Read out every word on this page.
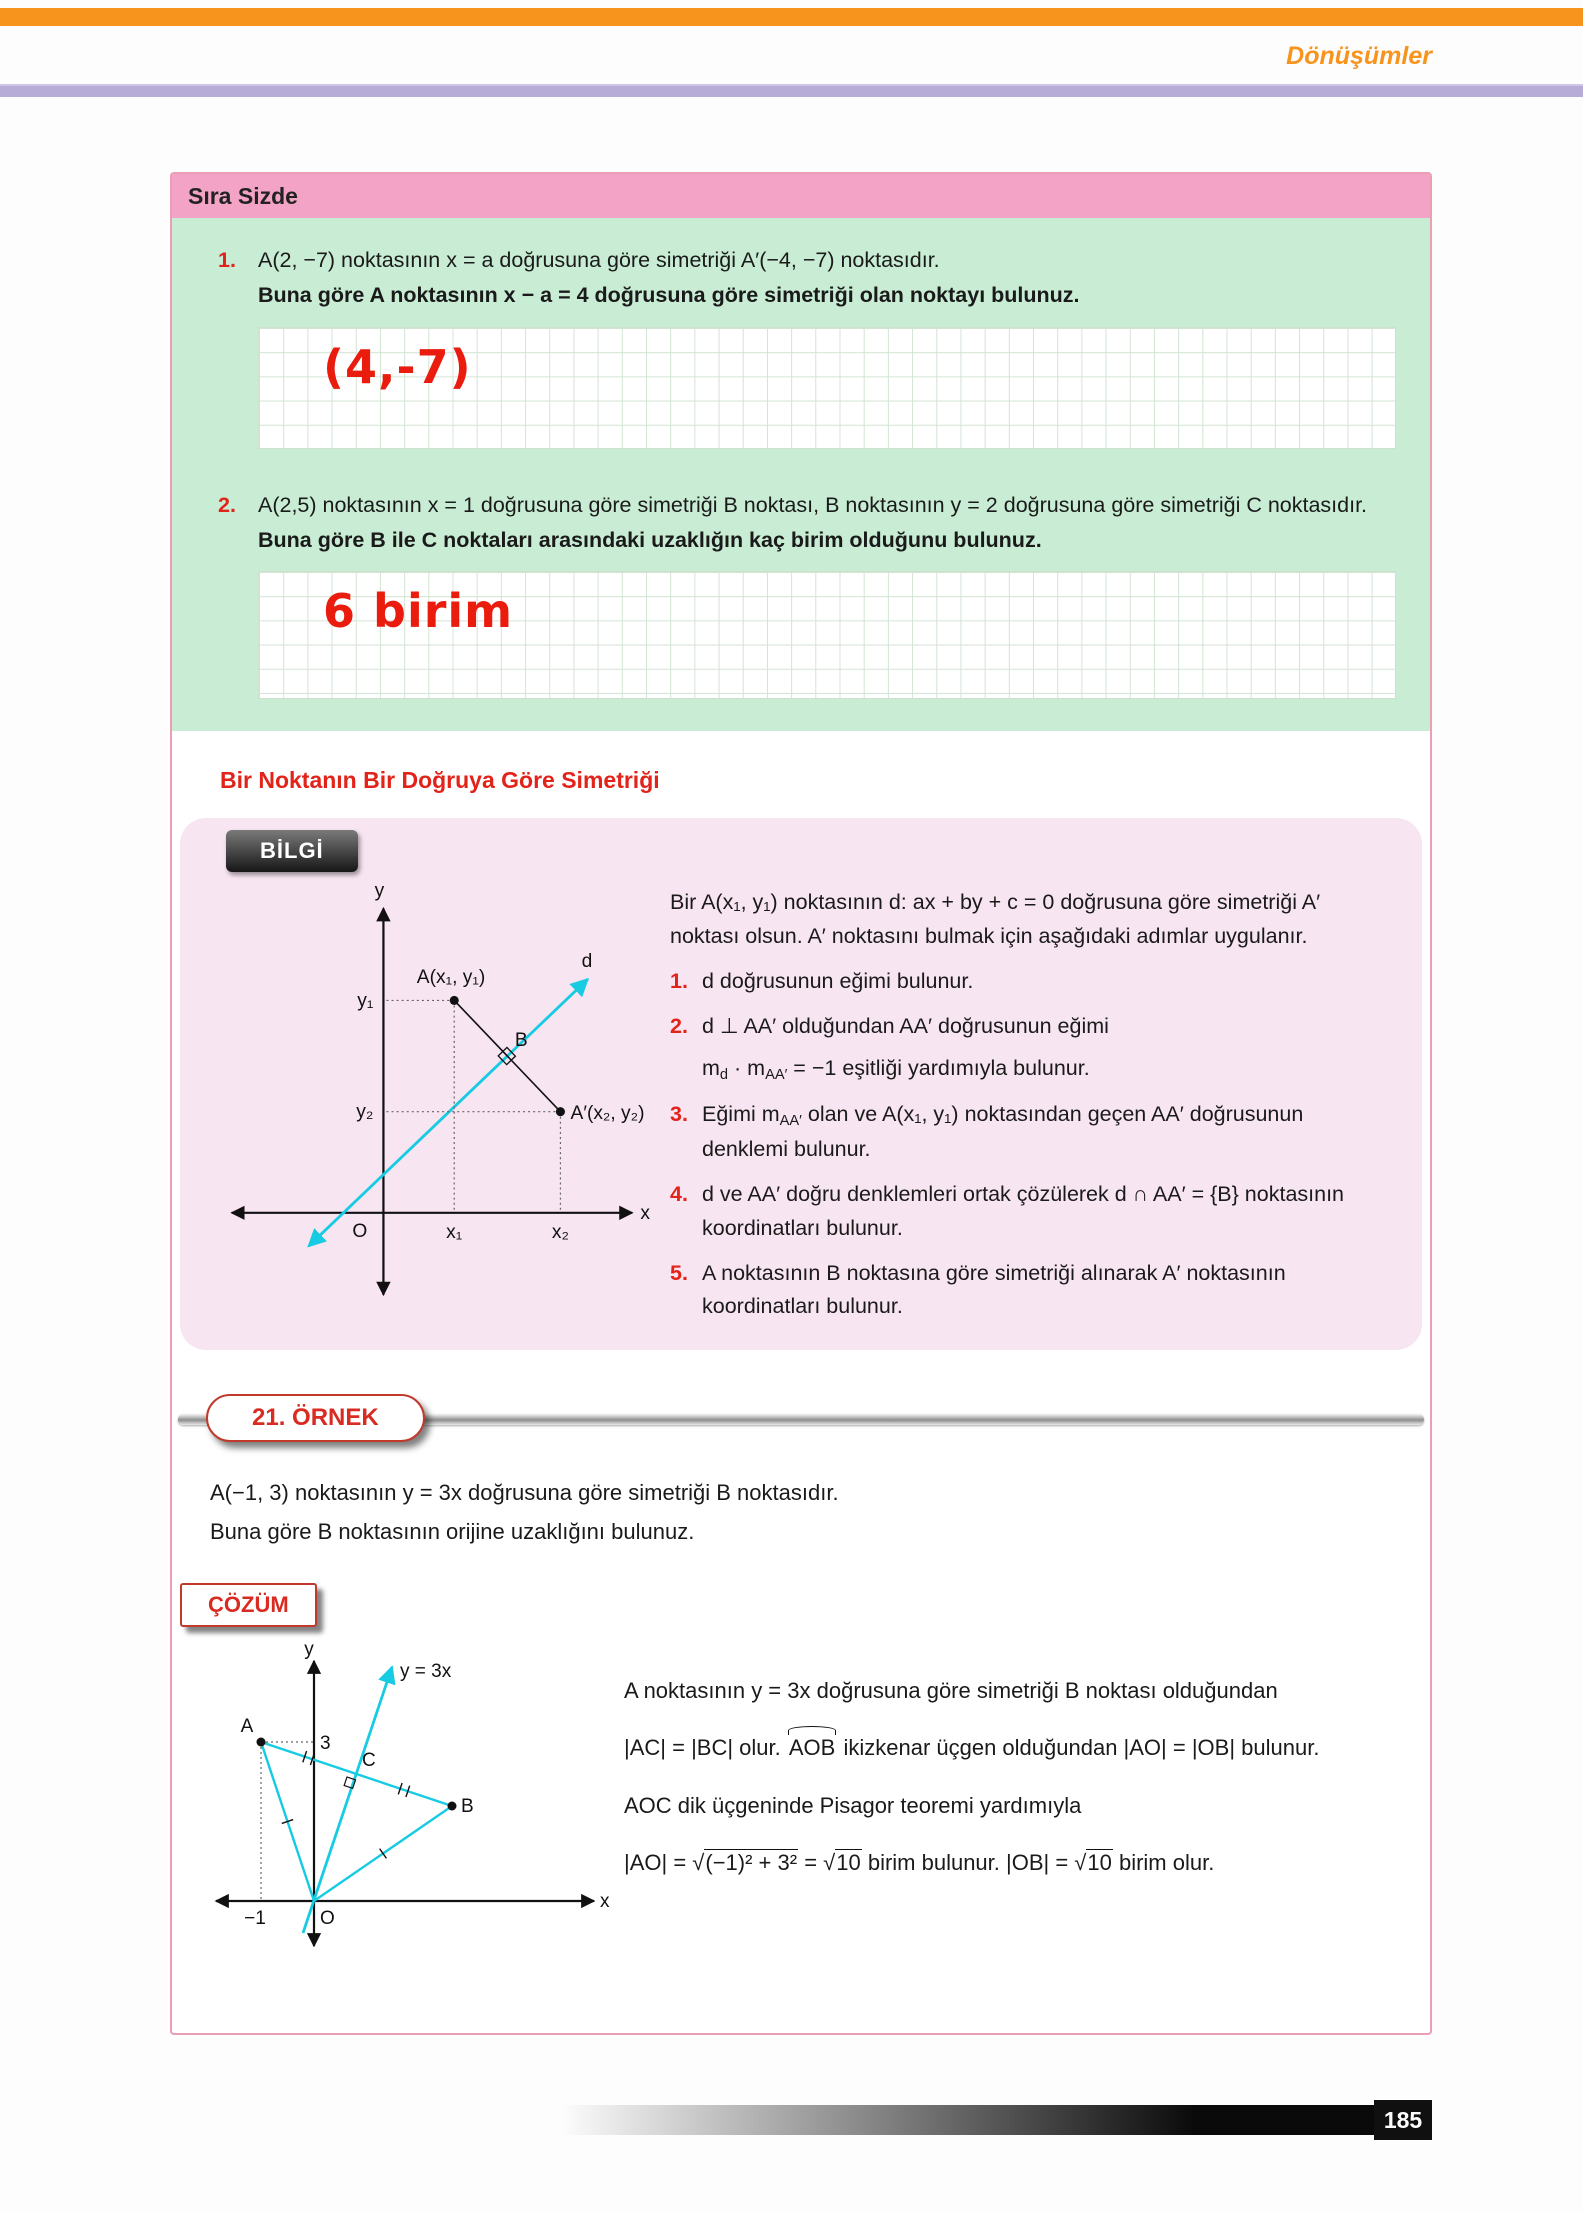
Dönüşümler
Sıra Sizde
1.	A(2, −7) noktasının x = a doğrusuna göre simetriği A′(−4, −7) noktasıdır.
Buna göre A noktasının x − a = 4 doğrusuna göre simetriği olan noktayı bulunuz.
(4,-7)
2.	A(2,5) noktasının x = 1 doğrusuna göre simetriği B noktası, B noktasının y = 2 doğrusuna göre simetriği C noktasıdır.
Buna göre B ile C noktaları arasındaki uzaklığın kaç birim olduğunu bulunuz.
6 birim
Bir Noktanın Bir Doğruya Göre Simetriği
BİLGİ
y
x
O
y₁
y₂
x₁	x₂
A(x₁, y₁)
A′(x₂, y₂)
B
d
Bir A(x₁, y₁) noktasının d: ax + by + c = 0 doğrusuna göre simetriği A′ noktası olsun. A′ noktasını bulmak için aşağıdaki adımlar uygulanır.
1. d doğrusunun eğimi bulunur.
2. d ⊥ AA′ olduğundan AA′ doğrusunun eğimi
$m_d \cdot m_{AA'} = -1$ eşitliği yardımıyla bulunur.
3. Eğimi $m_{AA'}$ olan ve A(x₁, y₁) noktasından geçen AA′ doğrusunun denklemi bulunur.
4. d ve AA′ doğru denklemleri ortak çözülerek d ∩ AA′ = {B} noktasının koordinatları bulunur.
5. A noktasının B noktasına göre simetriği alınarak A′ noktasının koordinatları bulunur.
21. ÖRNEK
A(−1, 3) noktasının y = 3x doğrusuna göre simetriği B noktasıdır.
Buna göre B noktasının orijine uzaklığını bulunuz.
ÇÖZÜM
y
x
O
y = 3x
A
B
C
3
−1

A noktasının y = 3x doğrusuna göre simetriği B noktası olduğundan

|AC| = |BC| olur. AOB ikizkenar üçgen olduğundan |AO| = |OB| bulunur.

AOC dik üçgeninde Pisagor teoremi yardımıyla

|AO| = √(−1)² + 3² = √10 birim bulunur. |OB| = √10 birim olur.

185
